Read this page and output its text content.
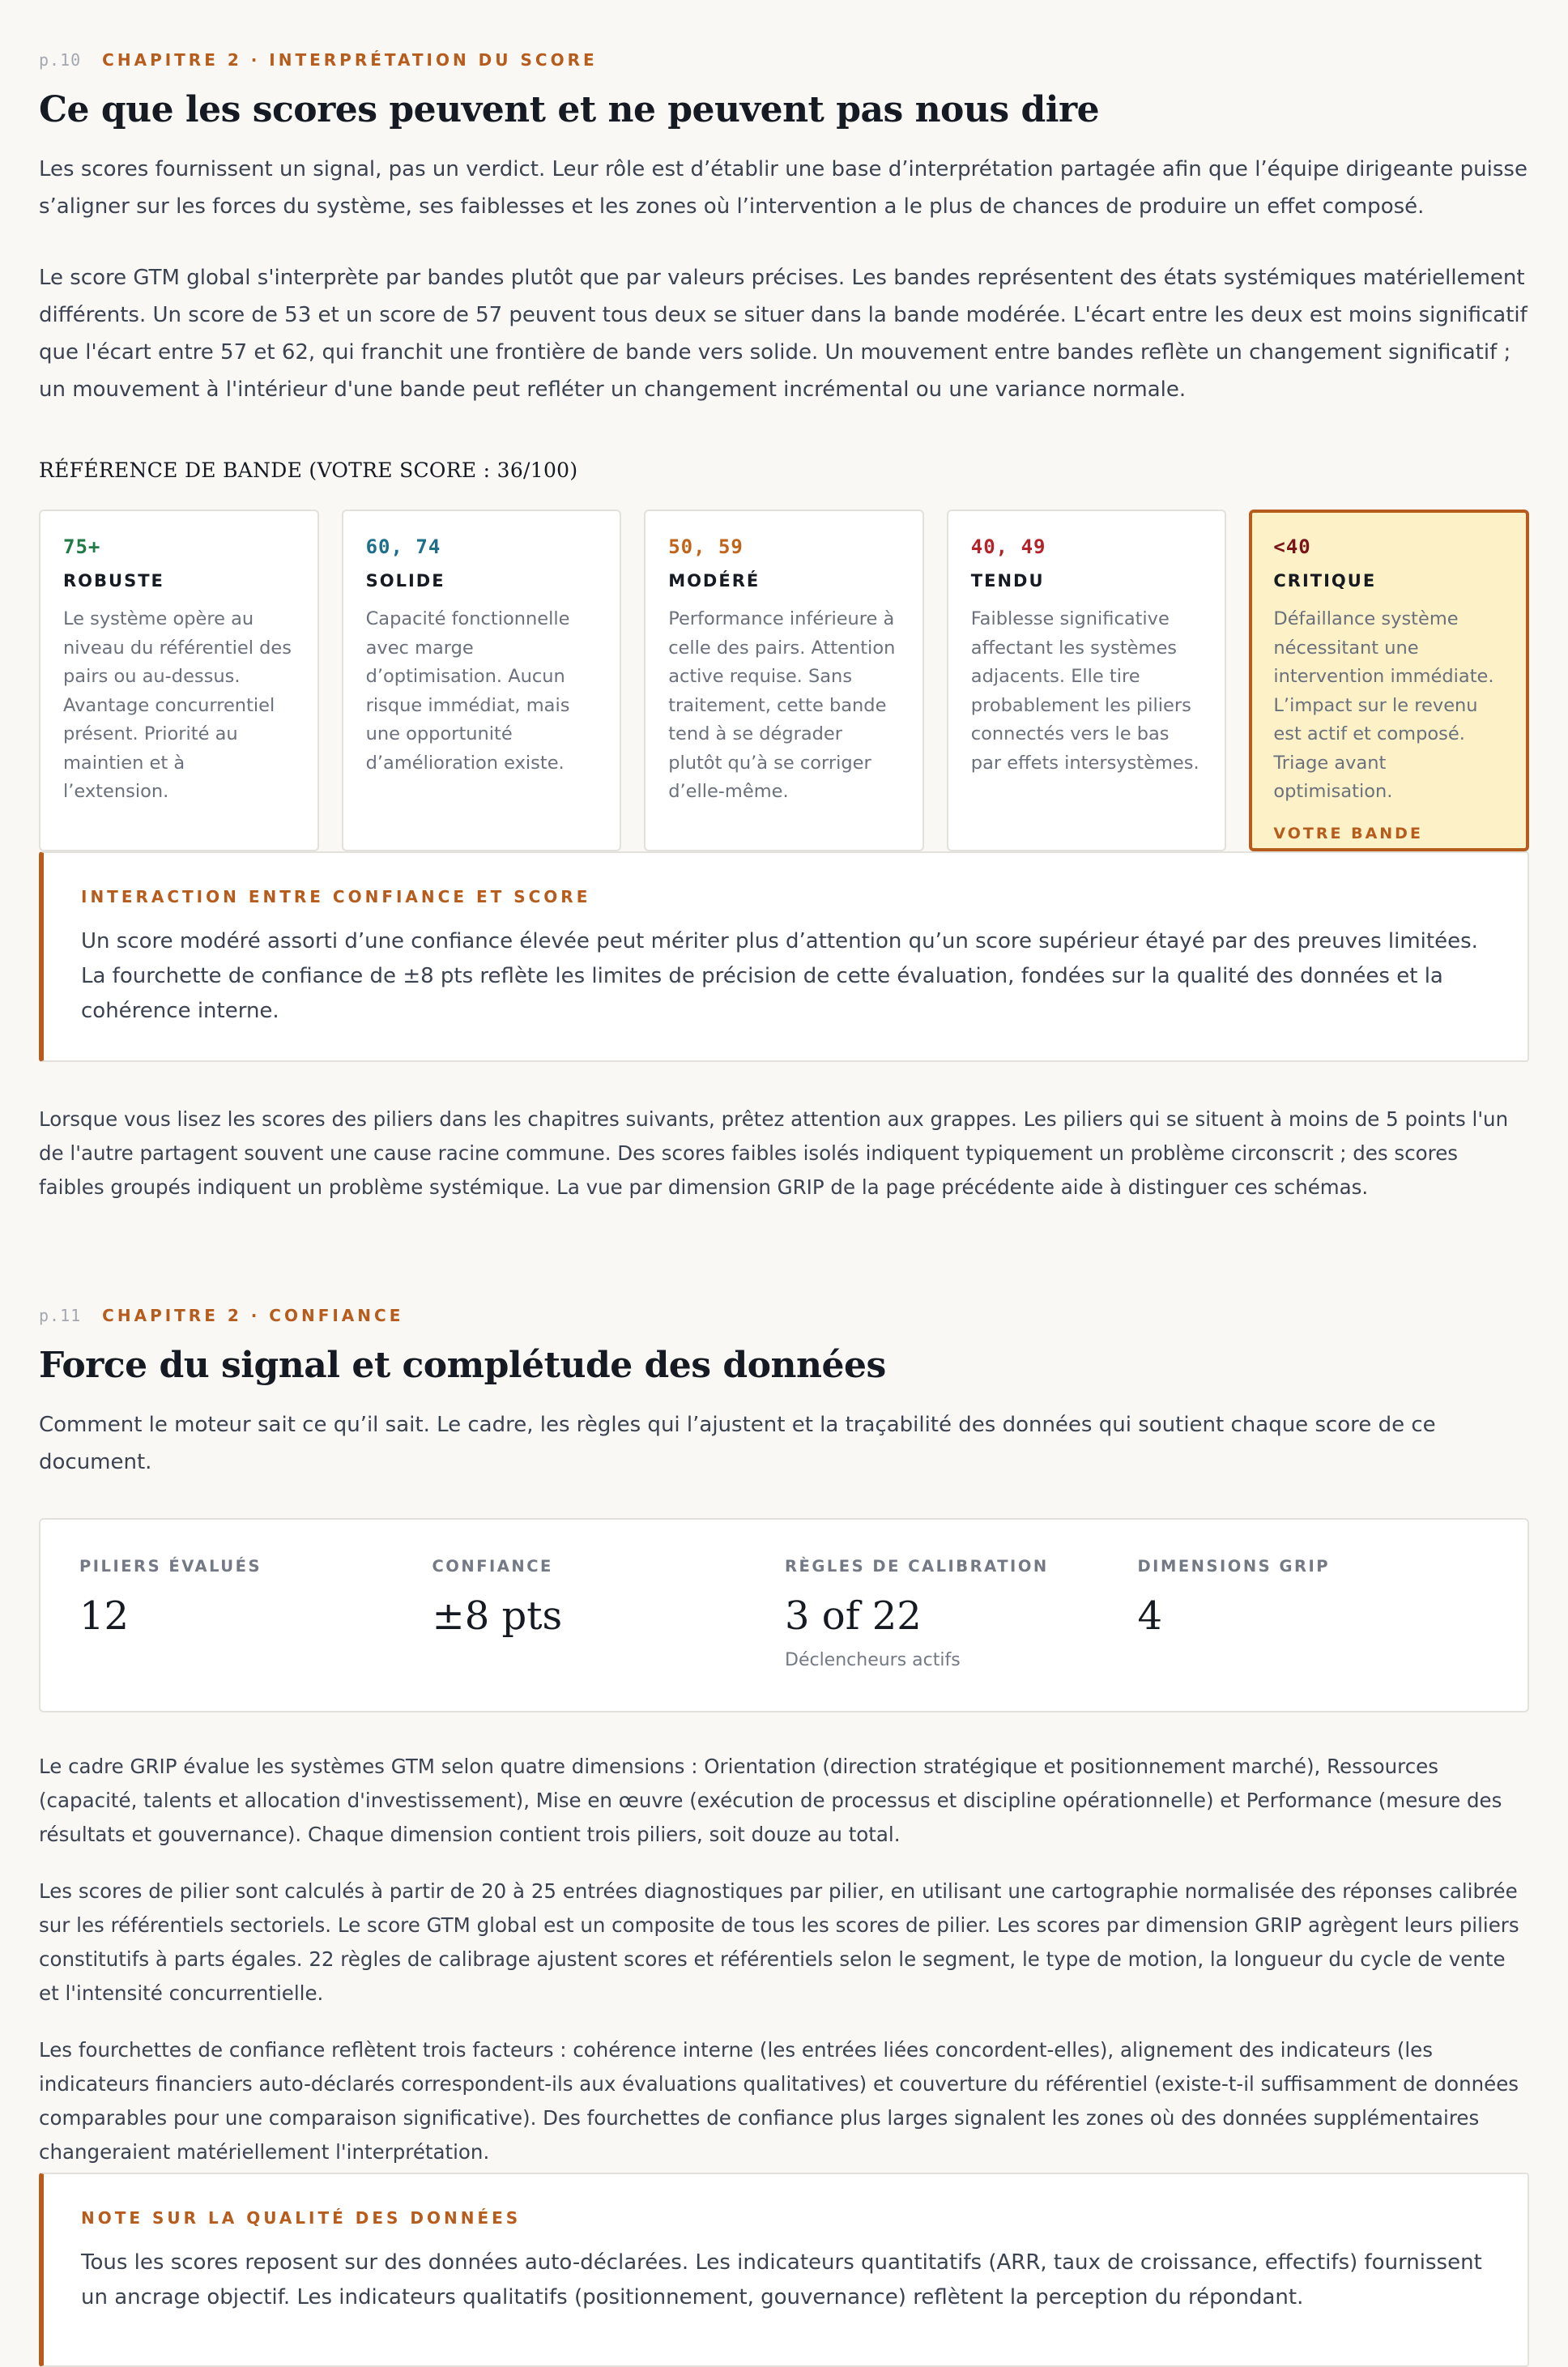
p.10 CHAPITRE 2 · INTERPRÉTATION DU SCORE
Ce que les scores peuvent et ne peuvent pas nous dire

Les scores fournissent un signal, pas un verdict. Leur rôle est d’établir une base d’interprétation partagée afin que l’équipe dirigeante puisse s’aligner sur les forces du système, ses faiblesses et les zones où l’intervention a le plus de chances de produire un effet composé.

Le score GTM global s'interprète par bandes plutôt que par valeurs précises. Les bandes représentent des états systémiques matériellement différents. Un score de 53 et un score de 57 peuvent tous deux se situer dans la bande modérée. L'écart entre les deux est moins significatif que l'écart entre 57 et 62, qui franchit une frontière de bande vers solide. Un mouvement entre bandes reflète un changement significatif ; un mouvement à l'intérieur d'une bande peut refléter un changement incrémental ou une variance normale.

RÉFÉRENCE DE BANDE (VOTRE SCORE : 36/100)
75+
ROBUSTE
Le système opère au niveau du référentiel des pairs ou au-dessus. Avantage concurrentiel présent. Priorité au maintien et à l’extension.
60, 74
SOLIDE
Capacité fonctionnelle avec marge d’optimisation. Aucun risque immédiat, mais une opportunité d’amélioration existe.
50, 59
MODÉRÉ
Performance inférieure à celle des pairs. Attention active requise. Sans traitement, cette bande tend à se dégrader plutôt qu’à se corriger d’elle-même.
40, 49
TENDU
Faiblesse significative affectant les systèmes adjacents. Elle tire probablement les piliers connectés vers le bas par effets intersystèmes.
<40
CRITIQUE
Défaillance système nécessitant une intervention immédiate. L’impact sur le revenu est actif et composé. Triage avant optimisation.
VOTRE BANDE
INTERACTION ENTRE CONFIANCE ET SCORE
Un score modéré assorti d’une confiance élevée peut mériter plus d’attention qu’un score supérieur étayé par des preuves limitées. La fourchette de confiance de ±8 pts reflète les limites de précision de cette évaluation, fondées sur la qualité des données et la cohérence interne.

Lorsque vous lisez les scores des piliers dans les chapitres suivants, prêtez attention aux grappes. Les piliers qui se situent à moins de 5 points l'un de l'autre partagent souvent une cause racine commune. Des scores faibles isolés indiquent typiquement un problème circonscrit ; des scores faibles groupés indiquent un problème systémique. La vue par dimension GRIP de la page précédente aide à distinguer ces schémas.

p.11 CHAPITRE 2 · CONFIANCE
Force du signal et complétude des données

Comment le moteur sait ce qu’il sait. Le cadre, les règles qui l’ajustent et la traçabilité des données qui soutient chaque score de ce document.

PILIERS ÉVALUÉS
12
CONFIANCE
±8 pts
RÈGLES DE CALIBRATION
3 of 22
Déclencheurs actifs
DIMENSIONS GRIP
4

Le cadre GRIP évalue les systèmes GTM selon quatre dimensions : Orientation (direction stratégique et positionnement marché), Ressources (capacité, talents et allocation d'investissement), Mise en œuvre (exécution de processus et discipline opérationnelle) et Performance (mesure des résultats et gouvernance). Chaque dimension contient trois piliers, soit douze au total.

Les scores de pilier sont calculés à partir de 20 à 25 entrées diagnostiques par pilier, en utilisant une cartographie normalisée des réponses calibrée sur les référentiels sectoriels. Le score GTM global est un composite de tous les scores de pilier. Les scores par dimension GRIP agrègent leurs piliers constitutifs à parts égales. 22 règles de calibrage ajustent scores et référentiels selon le segment, le type de motion, la longueur du cycle de vente et l'intensité concurrentielle.

Les fourchettes de confiance reflètent trois facteurs : cohérence interne (les entrées liées concordent-elles), alignement des indicateurs (les indicateurs financiers auto-déclarés correspondent-ils aux évaluations qualitatives) et couverture du référentiel (existe-t-il suffisamment de données comparables pour une comparaison significative). Des fourchettes de confiance plus larges signalent les zones où des données supplémentaires changeraient matériellement l'interprétation.

NOTE SUR LA QUALITÉ DES DONNÉES
Tous les scores reposent sur des données auto-déclarées. Les indicateurs quantitatifs (ARR, taux de croissance, effectifs) fournissent un ancrage objectif. Les indicateurs qualitatifs (positionnement, gouvernance) reflètent la perception du répondant.
